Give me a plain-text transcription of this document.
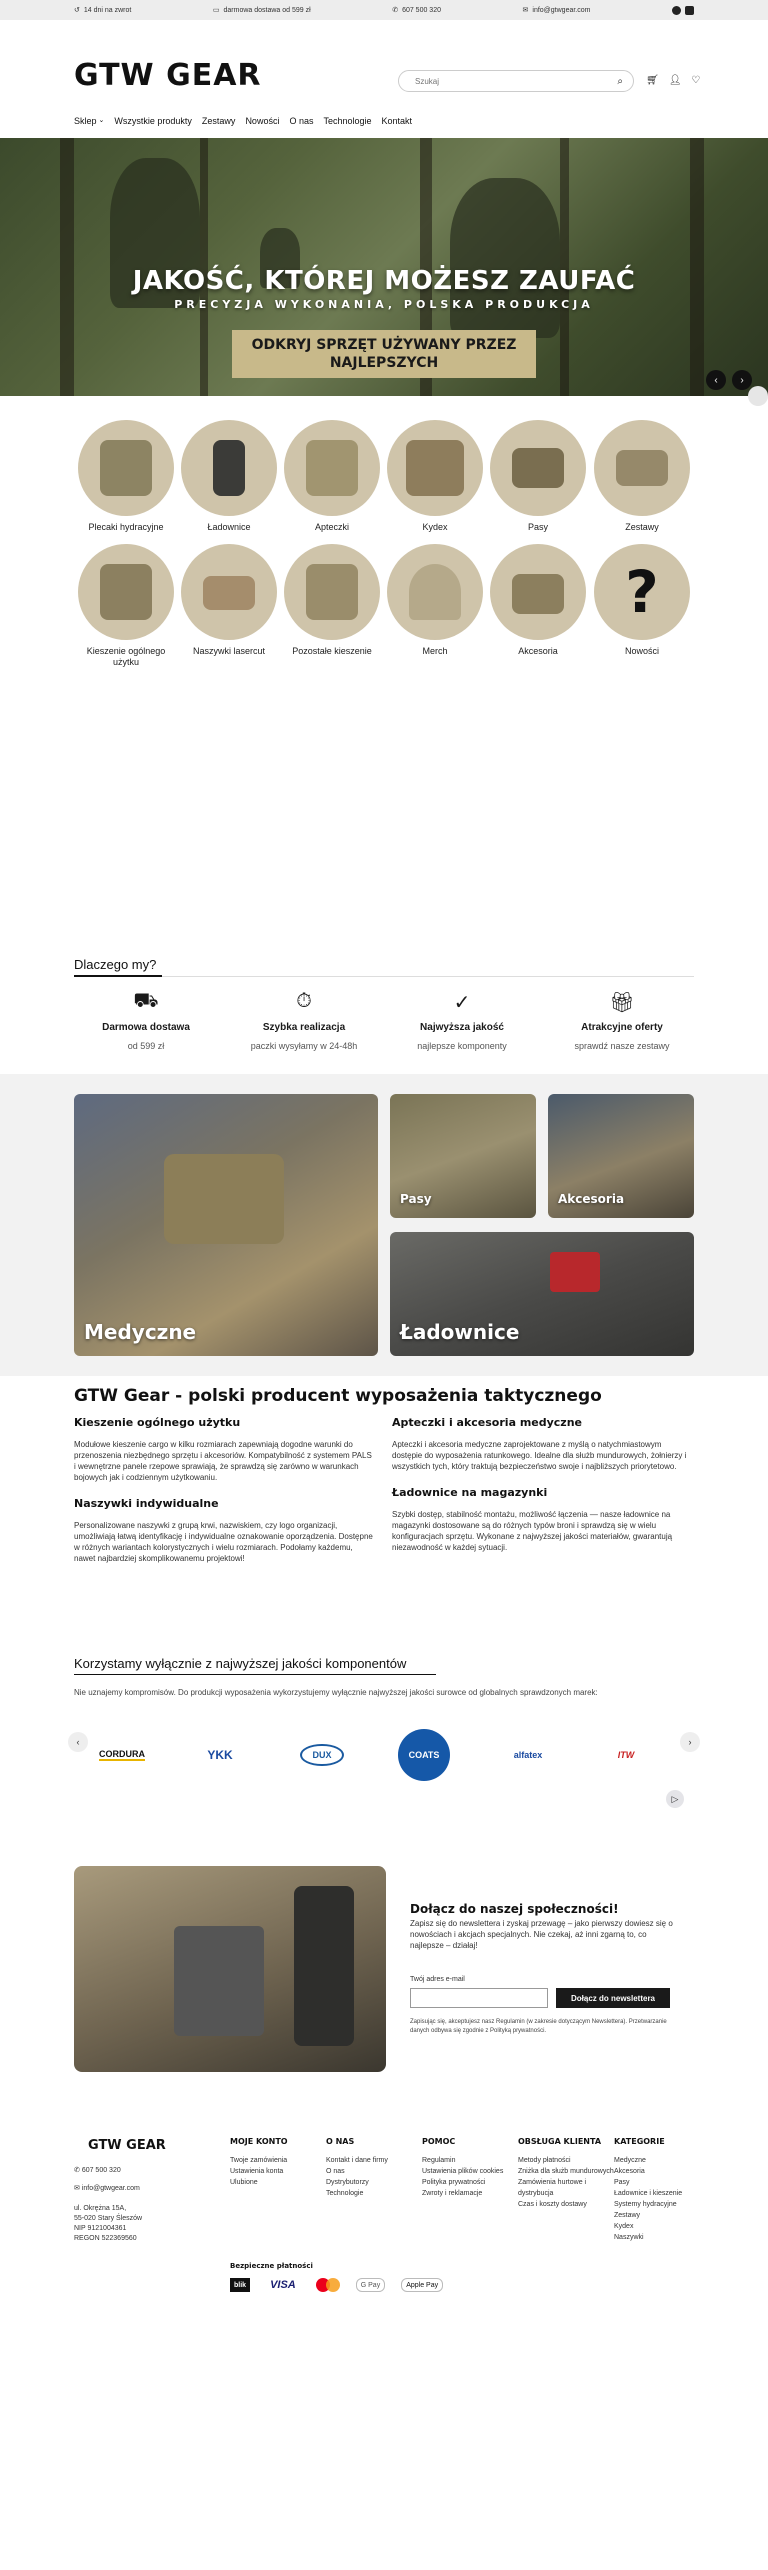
↺ 14 dni na zwrot	▭ darmowa dostawa od 599 zł	✆ 607 500 320	✉ info@gtwgear.com
GTW GEAR
Szukaj	⌕ 🛒︎ 👤︎ ♡
Sklep ⌄ Wszystkie produkty Zestawy Nowości O nas Technologie Kontakt
JAKOŚĆ, KTÓREJ MOŻESZ ZAUFAĆ
PRECYZJA WYKONANIA, POLSKA PRODUKCJA
ODKRYJ SPRZĘT UŻYWANY PRZEZ NAJLEPSZYCH
‹	›
Plecaki hydracyjne	Ładownice	Apteczki	Kydex	Pasy	Zestawy
Kieszenie ogólnego użytku
Naszywki lasercut	Pozostałe kieszenie	Merch	Akcesoria
?
Nowości
Dlaczego my?
⛟
Darmowa dostawa
od 599 zł
⏱
Szybka realizacja
paczki wysyłamy w 24-48h
✓
Najwyższa jakość
najlepsze komponenty
🎁︎
Atrakcyjne oferty
sprawdź nasze zestawy
Medyczne
Pasy	Akcesoria
Ładownice
GTW Gear - polski producent wyposażenia taktycznego
Kieszenie ogólnego użytku

Modułowe kieszenie cargo w kilku rozmiarach zapewniają dogodne warunki do przenoszenia niezbędnego sprzętu i akcesoriów. Kompatybilność z systemem PALS i wewnętrzne panele rzepowe sprawiają, że sprawdzą się zarówno w warunkach bojowych jak i codziennym użytkowaniu.

Naszywki indywidualne

Personalizowane naszywki z grupą krwi, nazwiskiem, czy logo organizacji, umożliwiają łatwą identyfikację i indywidualne oznakowanie oporządzenia. Dostępne w różnych wariantach kolorystycznych i wielu rozmiarach. Podołamy każdemu, nawet najbardziej skomplikowanemu projektowi!

Apteczki i akcesoria medyczne

Apteczki i akcesoria medyczne zaprojektowane z myślą o natychmiastowym dostępie do wyposażenia ratunkowego. Idealne dla służb mundurowych, żołnierzy i wszystkich tych, który traktują bezpieczeństwo swoje i najbliższych priorytetowo.

Ładownice na magazynki

Szybki dostęp, stabilność montażu, możliwość łączenia — nasze ładownice na magazynki dostosowane są do różnych typów broni i sprawdzą się w wielu konfiguracjach sprzętu. Wykonane z najwyższej jakości materiałów, gwarantują niezawodność w każdej sytuacji.

Korzystamy wyłącznie z najwyższej jakości komponentów
Nie uznajemy kompromisów. Do produkcji wyposażenia wykorzystujemy wyłącznie najwyższej jakości surowce od globalnych sprawdzonych marek:
‹	›
CORDURA	YKK	DUX	COATS	alfatex	ITW
▷
Dołącz do naszej społeczności!
Zapisz się do newslettera i zyskaj przewagę – jako pierwszy dowiesz się o nowościach i akcjach specjalnych. Nie czekaj, aż inni zgarną to, co najlepsze – działaj!
Twój adres e-mail
Dołącz do newslettera
Zapisując się, akceptujesz nasz Regulamin (w zakresie dotyczącym Newslettera). Przetwarzanie danych odbywa się zgodnie z Polityką prywatności.
GTW GEAR
✆ 607 500 320
✉ info@gtwgear.com
ul. Okrężna 15A,
55-020 Stary Śleszów
NIP 9121004361
REGON 522369560
MOJE KONTO
Twoje zamówienia
Ustawienia konta
Ulubione
O NAS
Kontakt i dane firmy
O nas
Dystrybutorzy
Technologie
POMOC
Regulamin
Ustawienia plików cookies
Polityka prywatności
Zwroty i reklamacje
OBSŁUGA KLIENTA
Metody płatności
Zniżka dla służb mundurowych
Zamówienia hurtowe i dystrybucja
Czas i koszty dostawy
KATEGORIE
Medyczne
Akcesoria
Pasy
Ładownice i kieszenie
Systemy hydracyjne
Zestawy
Kydex
Naszywki
Bezpieczne płatności
blik	VISA	G Pay	Apple Pay
